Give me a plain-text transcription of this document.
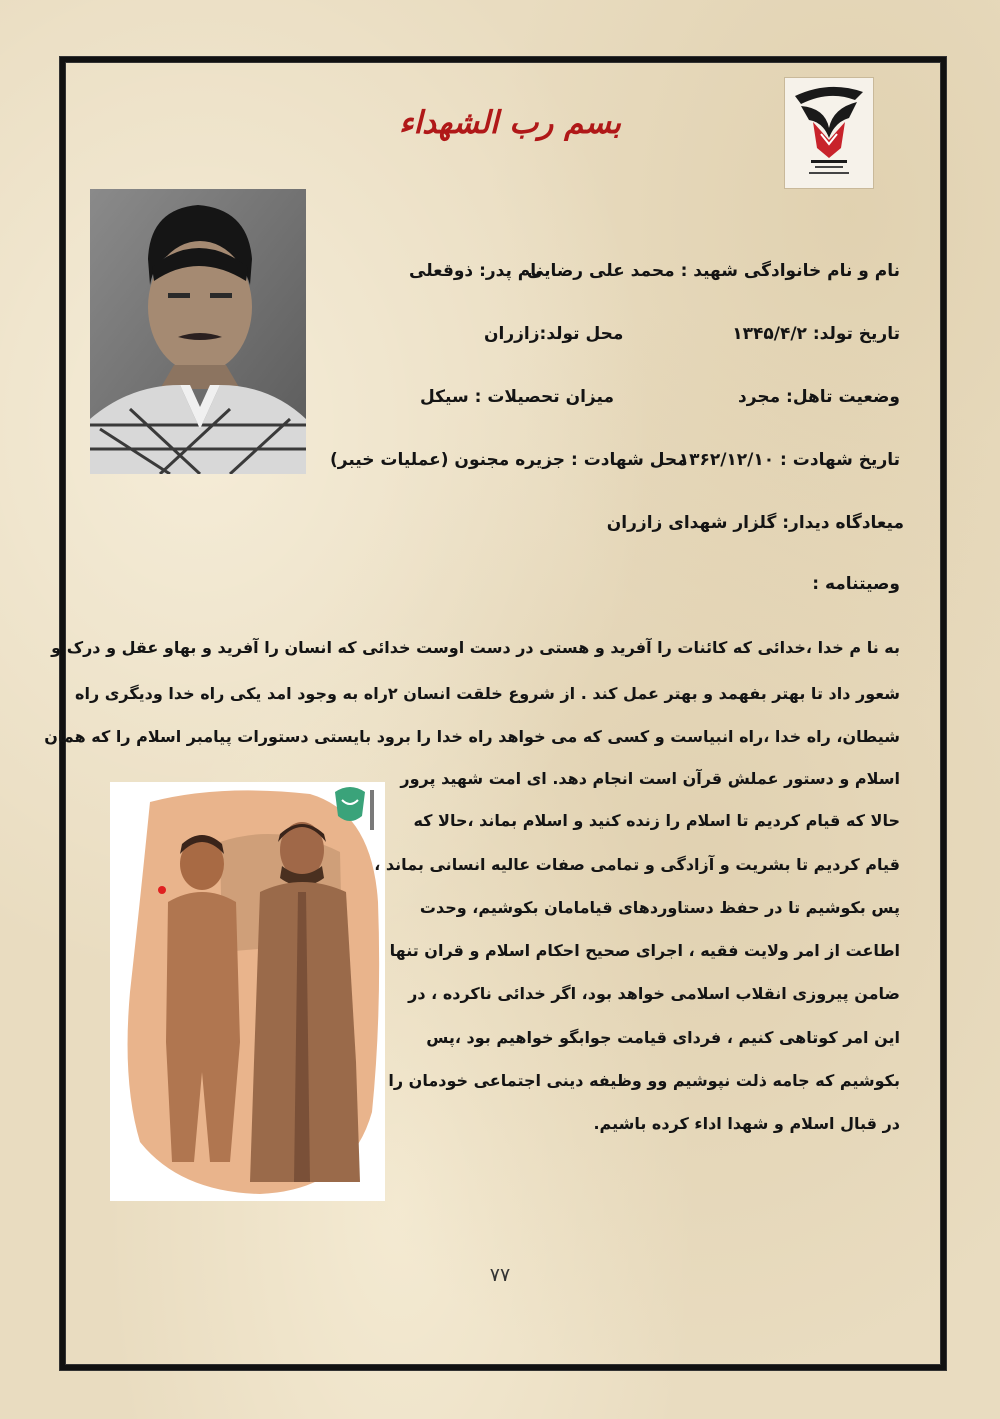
بسم رب الشهداء
نام و نام خانوادگی شهید : محمد علی رضایی
نام پدر: ذوقعلی
تاریخ تولد: ۱۳۴۵/۴/۲
محل تولد:زازران
وضعیت تاهل: مجرد
میزان تحصیلات : سیکل
تاریخ شهادت : ۱۳۶۲/۱۲/۱۰
محل شهادت : جزیره مجنون (عملیات خیبر)
میعادگاه دیدار: گلزار شهدای زازران
وصیتنامه :
به نا م خدا ،خدائی که کائنات را آفرید و هستی در دست اوست خدائی که انسان را آفرید و بهاو عقل و درک و
شعور داد تا بهتر بفهمد و بهتر عمل کند . از شروع خلقت انسان ۲راه به وجود امد یکی راه خدا ودیگری راه
شیطان، راه خدا ،راه انبیاست و کسی که می خواهد راه خدا را برود بایستی دستورات پیامبر اسلام را که همان
اسلام و دستور عملش قرآن است انجام دهد. ای امت شهید پرور
حالا که قیام کردیم تا اسلام را زنده کنید و اسلام بماند ،حالا که
قیام کردیم تا بشریت و آزادگی و تمامی صفات عالیه انسانی بماند ،
پس بکوشیم تا در حفظ دستاوردهای قیامامان بکوشیم، وحدت
اطاعت از امر ولایت فقیه ، اجرای صحیح احکام اسلام و قران تنها
ضامن پیروزی انقلاب اسلامی خواهد بود، اگر خدائی ناکرده ، در
این امر کوتاهی کنیم ، فردای قیامت جوابگو خواهیم بود ،پس
بکوشیم که جامه ذلت نپوشیم وو وظیفه دینی اجتماعی خودمان را
در قبال اسلام و شهدا اداء کرده باشیم.
۷۷
